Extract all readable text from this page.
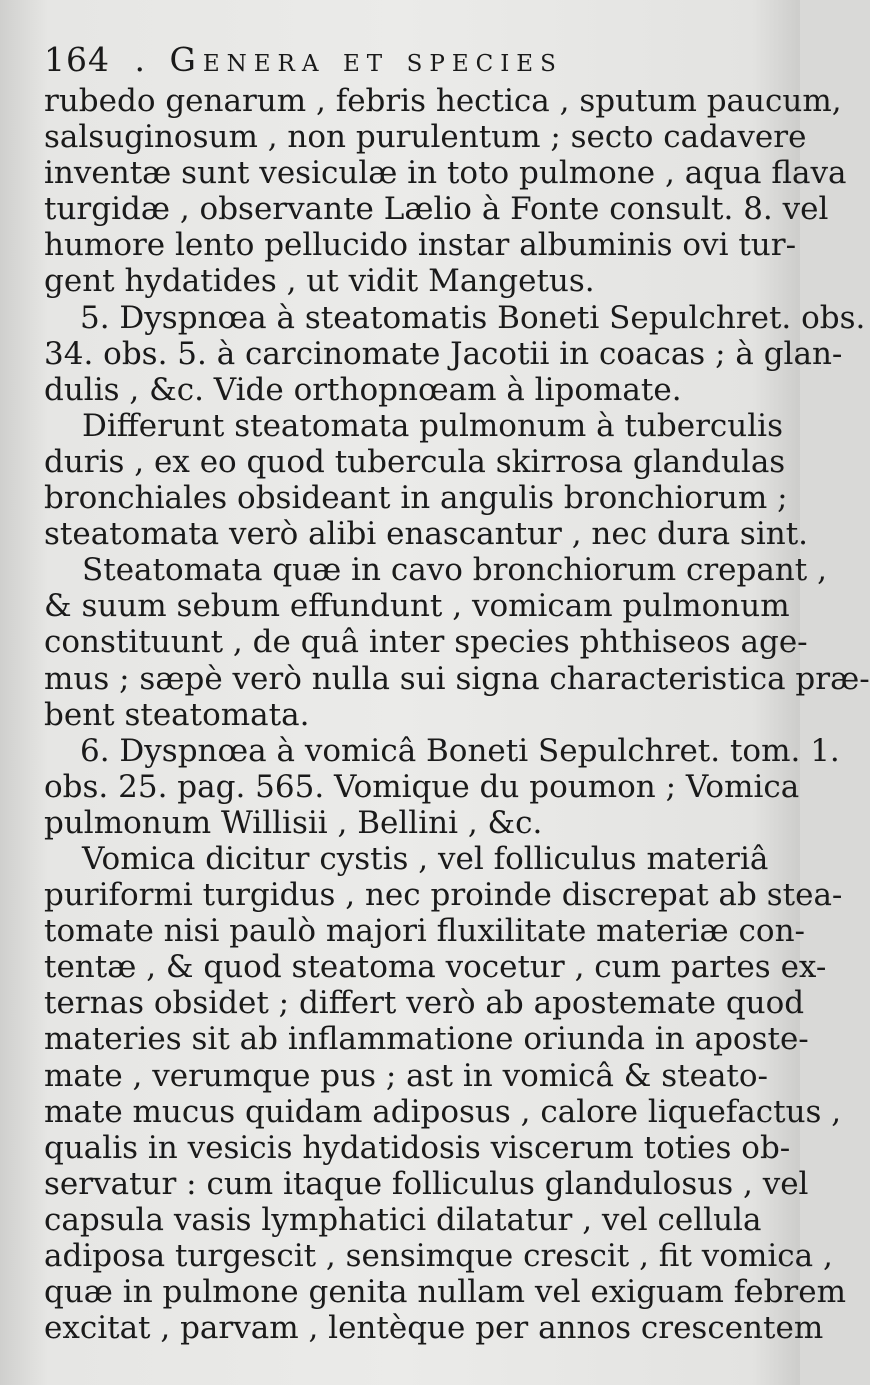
164 . Genera et species
rubedo genarum , febris hectica , sputum paucum,
salsuginosum , non purulentum ; secto cadavere
inventæ sunt vesiculæ in toto pulmone , aqua flava
turgidæ , observante Lælio à Fonte consult. 8. vel
humore lento pellucido instar albuminis ovi tur-
gent hydatides , ut vidit Mangetus.
5. Dyspnœa à steatomatis Boneti Sepulchret. obs.
34. obs. 5. à carcinomate Jacotii in coacas ; à glan-
dulis , &c. Vide orthopnœam à lipomate.
Differunt steatomata pulmonum à tuberculis
duris , ex eo quod tubercula skirrosa glandulas
bronchiales obsideant in angulis bronchiorum ;
steatomata verò alibi enascantur , nec dura sint.
Steatomata quæ in cavo bronchiorum crepant ,
& suum sebum effundunt , vomicam pulmonum
constituunt , de quâ inter species phthiseos age-
mus ; sæpè verò nulla sui signa characteristica præ-
bent steatomata.
6. Dyspnœa à vomicâ Boneti Sepulchret. tom. 1.
obs. 25. pag. 565. Vomique du poumon ; Vomica
pulmonum Willisii , Bellini , &c.
Vomica dicitur cystis , vel folliculus materiâ
puriformi turgidus , nec proinde discrepat ab stea-
tomate nisi paulò majori fluxilitate materiæ con-
tentæ , & quod steatoma vocetur , cum partes ex-
ternas obsidet ; differt verò ab apostemate quod
materies sit ab inflammatione oriunda in aposte-
mate , verumque pus ; ast in vomicâ & steato-
mate mucus quidam adiposus , calore liquefactus ,
qualis in vesicis hydatidosis viscerum toties ob-
servatur : cum itaque folliculus glandulosus , vel
capsula vasis lymphatici dilatatur , vel cellula
adiposa turgescit , sensimque crescit , fit vomica ,
quæ in pulmone genita nullam vel exiguam febrem
excitat , parvam , lentèque per annos crescentem
